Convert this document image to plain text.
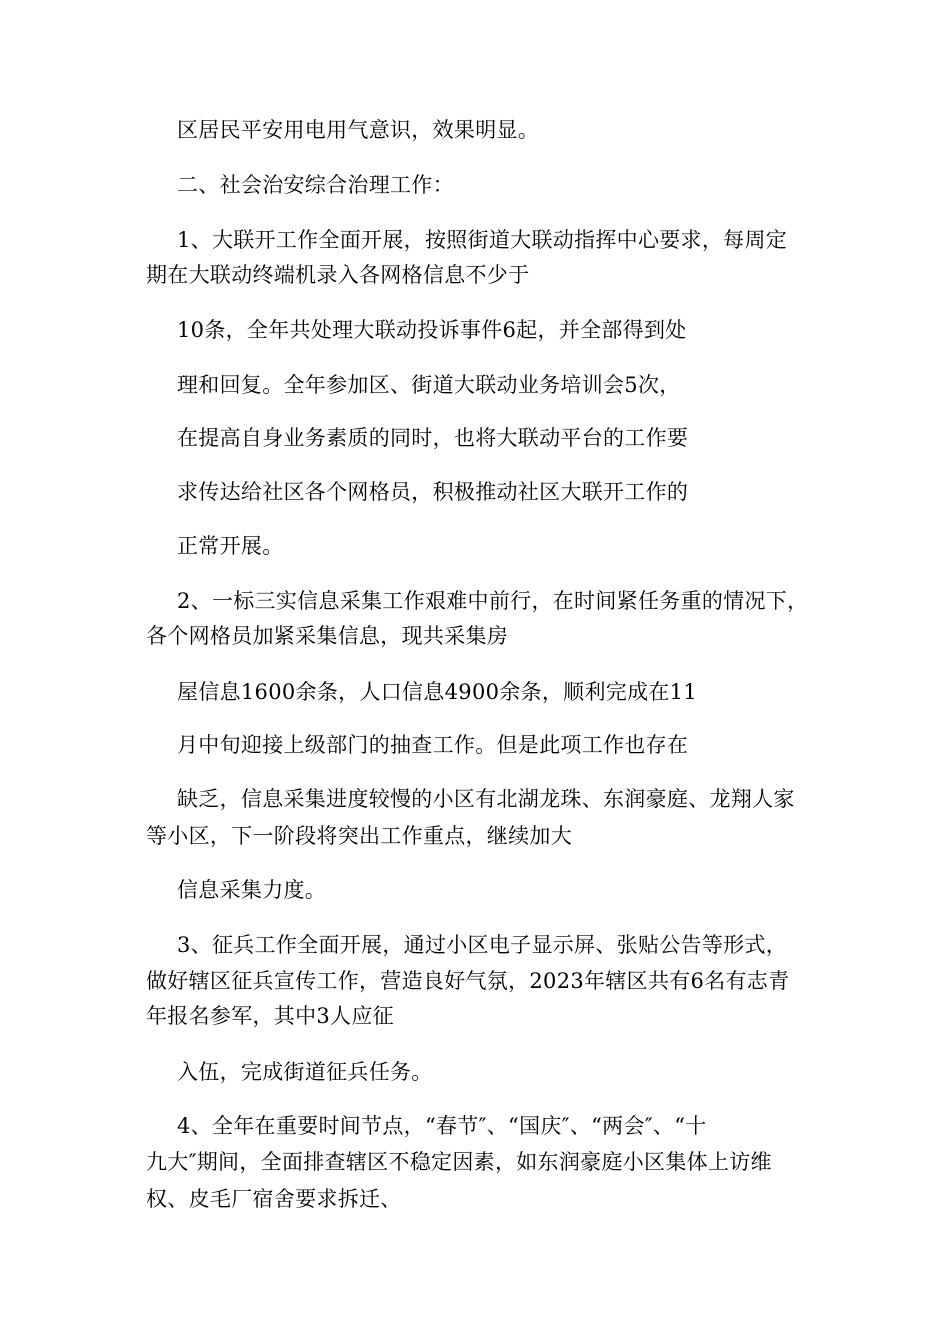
区居民平安用电用气意识，效果明显。
二、社会治安综合治理工作：
1、大联开工作全面开展，按照街道大联动指挥中心要求，每周定
期在大联动终端机录入各网格信息不少于
10条，全年共处理大联动投诉事件6起，并全部得到处
理和回复。全年参加区、街道大联动业务培训会5次，
在提高自身业务素质的同时，也将大联动平台的工作要
求传达给社区各个网格员，积极推动社区大联开工作的
正常开展。
2、一标三实信息采集工作艰难中前行，在时间紧任务重的情况下，
各个网格员加紧采集信息，现共采集房
屋信息1600余条，人口信息4900余条，顺利完成在11
月中旬迎接上级部门的抽查工作。但是此项工作也存在
缺乏，信息采集进度较慢的小区有北湖龙珠、东润豪庭、龙翔人家
等小区，下一阶段将突出工作重点，继续加大
信息采集力度。
3、征兵工作全面开展，通过小区电子显示屏、张贴公告等形式，
做好辖区征兵宣传工作，营造良好气氛，2023年辖区共有6名有志青
年报名参军，其中3人应征
入伍，完成街道征兵任务。
4、全年在重要时间节点，“春节″、“国庆″、“两会″、“十
九大″期间，全面排查辖区不稳定因素，如东润豪庭小区集体上访维
权、皮毛厂宿舍要求拆迁、
